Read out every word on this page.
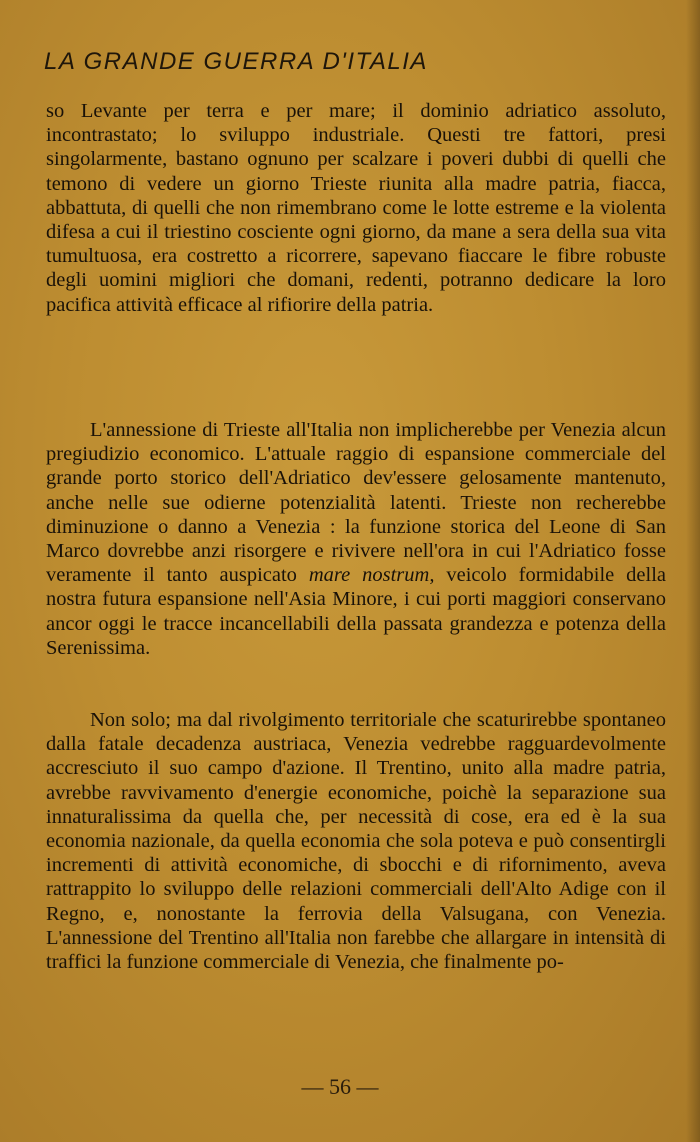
LA GRANDE GUERRA D'ITALIA

so Levante per terra e per mare; il dominio adriatico assoluto, incontrastato; lo sviluppo industriale. Questi tre fattori, presi singolarmente, bastano ognuno per scalzare i poveri dubbi di quelli che temono di vedere un giorno Trieste riunita alla madre patria, fiacca, abbattuta, di quelli che non rimembrano come le lotte estreme e la violenta difesa a cui il triestino cosciente ogni giorno, da mane a sera della sua vita tumultuosa, era costretto a ricorrere, sapevano fiaccare le fibre robuste degli uomini migliori che domani, redenti, potranno dedicare la loro pacifica attività efficace al rifiorire della patria.

L'annessione di Trieste all'Italia non implicherebbe per Venezia alcun pregiudizio economico. L'attuale raggio di espansione commerciale del grande porto storico dell'Adriatico dev'essere gelosamente mantenuto, anche nelle sue odierne potenzialità latenti. Trieste non recherebbe diminuzione o danno a Venezia : la funzione storica del Leone di San Marco dovrebbe anzi risorgere e rivivere nell'ora in cui l'Adriatico fosse veramente il tanto auspicato mare nostrum, veicolo formidabile della nostra futura espansione nell'Asia Minore, i cui porti maggiori conservano ancor oggi le tracce incancellabili della passata grandezza e potenza della Serenissima.

Non solo; ma dal rivolgimento territoriale che scaturirebbe spontaneo dalla fatale decadenza austriaca, Venezia vedrebbe ragguardevolmente accresciuto il suo campo d'azione. Il Trentino, unito alla madre patria, avrebbe ravvivamento d'energie economiche, poichè la separazione sua innaturalissima da quella che, per necessità di cose, era ed è la sua economia nazionale, da quella economia che sola poteva e può consentirgli incrementi di attività economiche, di sbocchi e di rifornimento, aveva rattrappito lo sviluppo delle relazioni commerciali dell'Alto Adige con il Regno, e, nonostante la ferrovia della Valsugana, con Venezia. L'annessione del Trentino all'Italia non farebbe che allargare in intensità di traffici la funzione commerciale di Venezia, che finalmente po-

— 56 —
